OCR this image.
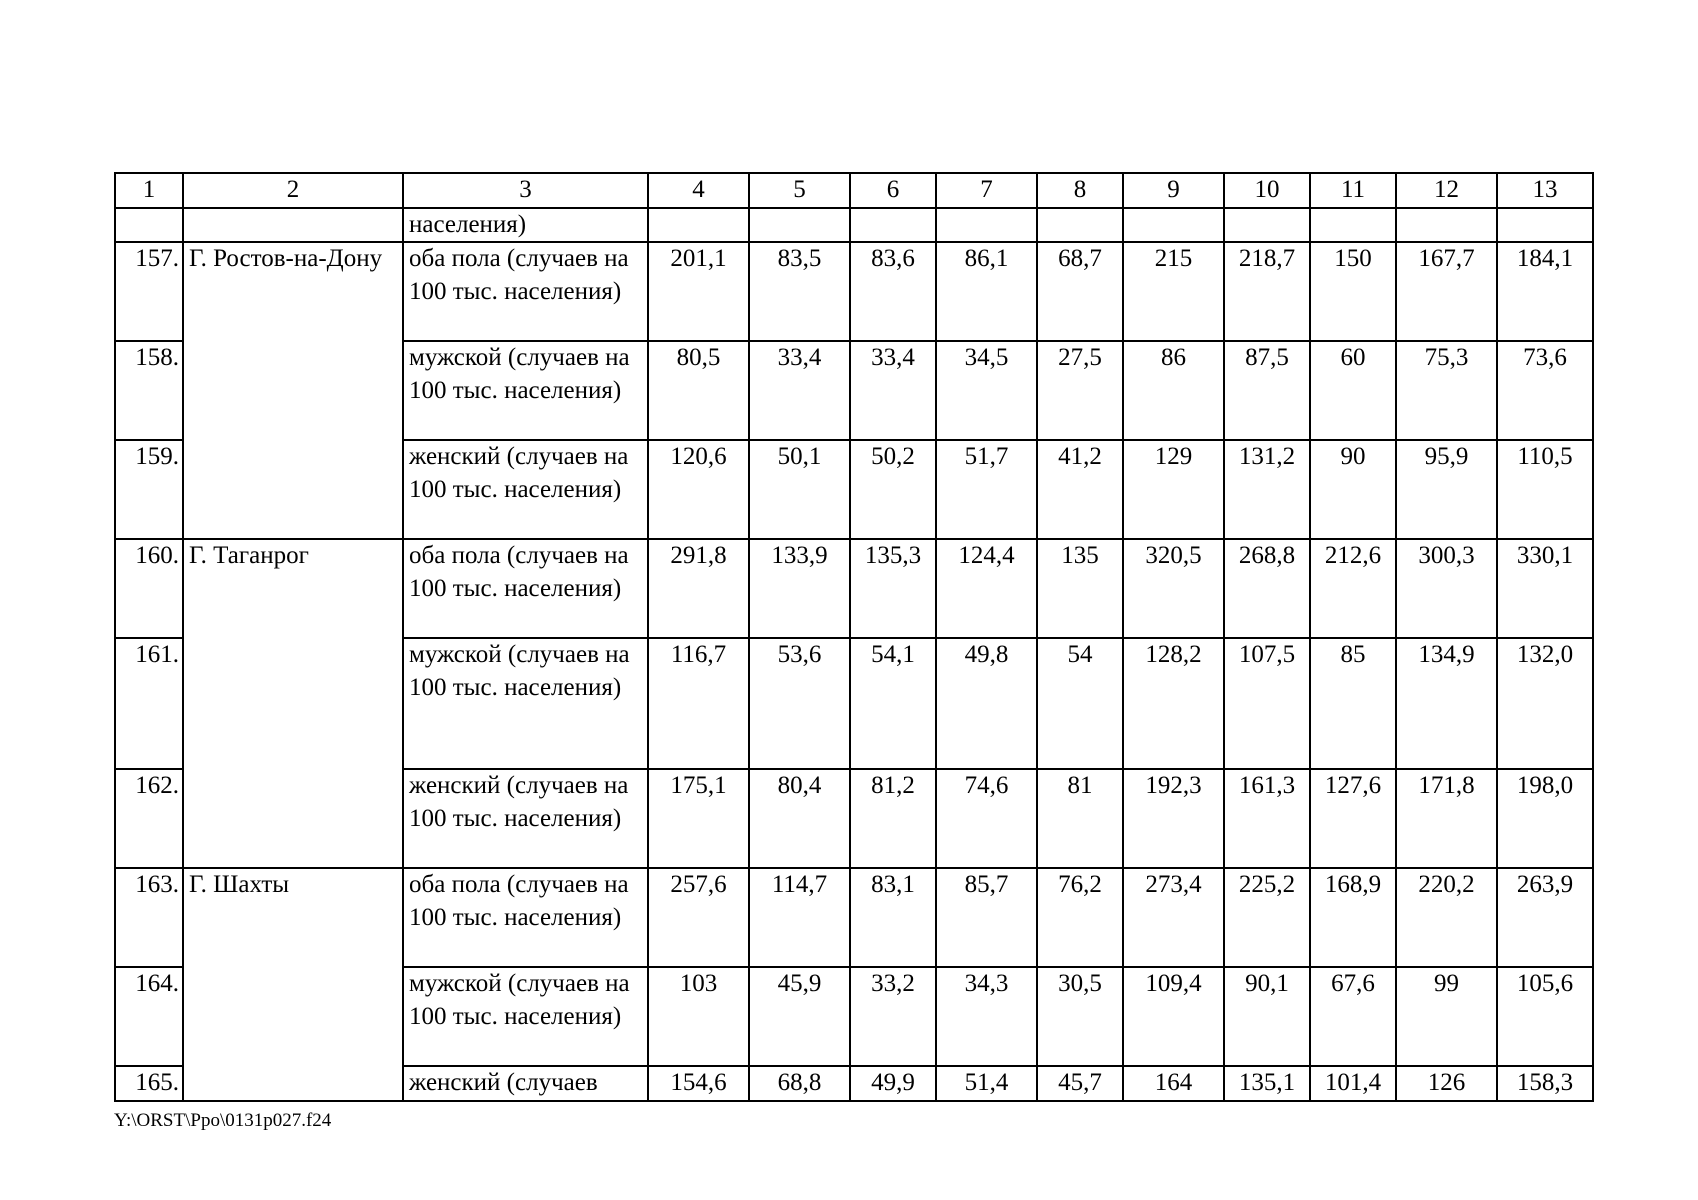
1	2	3	4	5	6	7	8	9	10	11	12	13
		населения)										
157.	Г. Ростов-на-Дону	оба пола (случаев на 100 тыс. населения)	201,1	83,5	83,6	86,1	68,7	215	218,7	150	167,7	184,1
158.		мужской (случаев на 100 тыс. населения)	80,5	33,4	33,4	34,5	27,5	86	87,5	60	75,3	73,6
159.		женский (случаев на 100 тыс. населения)	120,6	50,1	50,2	51,7	41,2	129	131,2	90	95,9	110,5
160.	Г. Таганрог	оба пола (случаев на 100 тыс. населения)	291,8	133,9	135,3	124,4	135	320,5	268,8	212,6	300,3	330,1
161.		мужской (случаев на 100 тыс. населения)	116,7	53,6	54,1	49,8	54	128,2	107,5	85	134,9	132,0
162.		женский (случаев на 100 тыс. населения)	175,1	80,4	81,2	74,6	81	192,3	161,3	127,6	171,8	198,0
163.	Г. Шахты	оба пола (случаев на 100 тыс. населения)	257,6	114,7	83,1	85,7	76,2	273,4	225,2	168,9	220,2	263,9
164.		мужской (случаев на 100 тыс. населения)	103	45,9	33,2	34,3	30,5	109,4	90,1	67,6	99	105,6
165.		женский (случаев	154,6	68,8	49,9	51,4	45,7	164	135,1	101,4	126	158,3
Y:\ORST\Ppo\0131p027.f24
